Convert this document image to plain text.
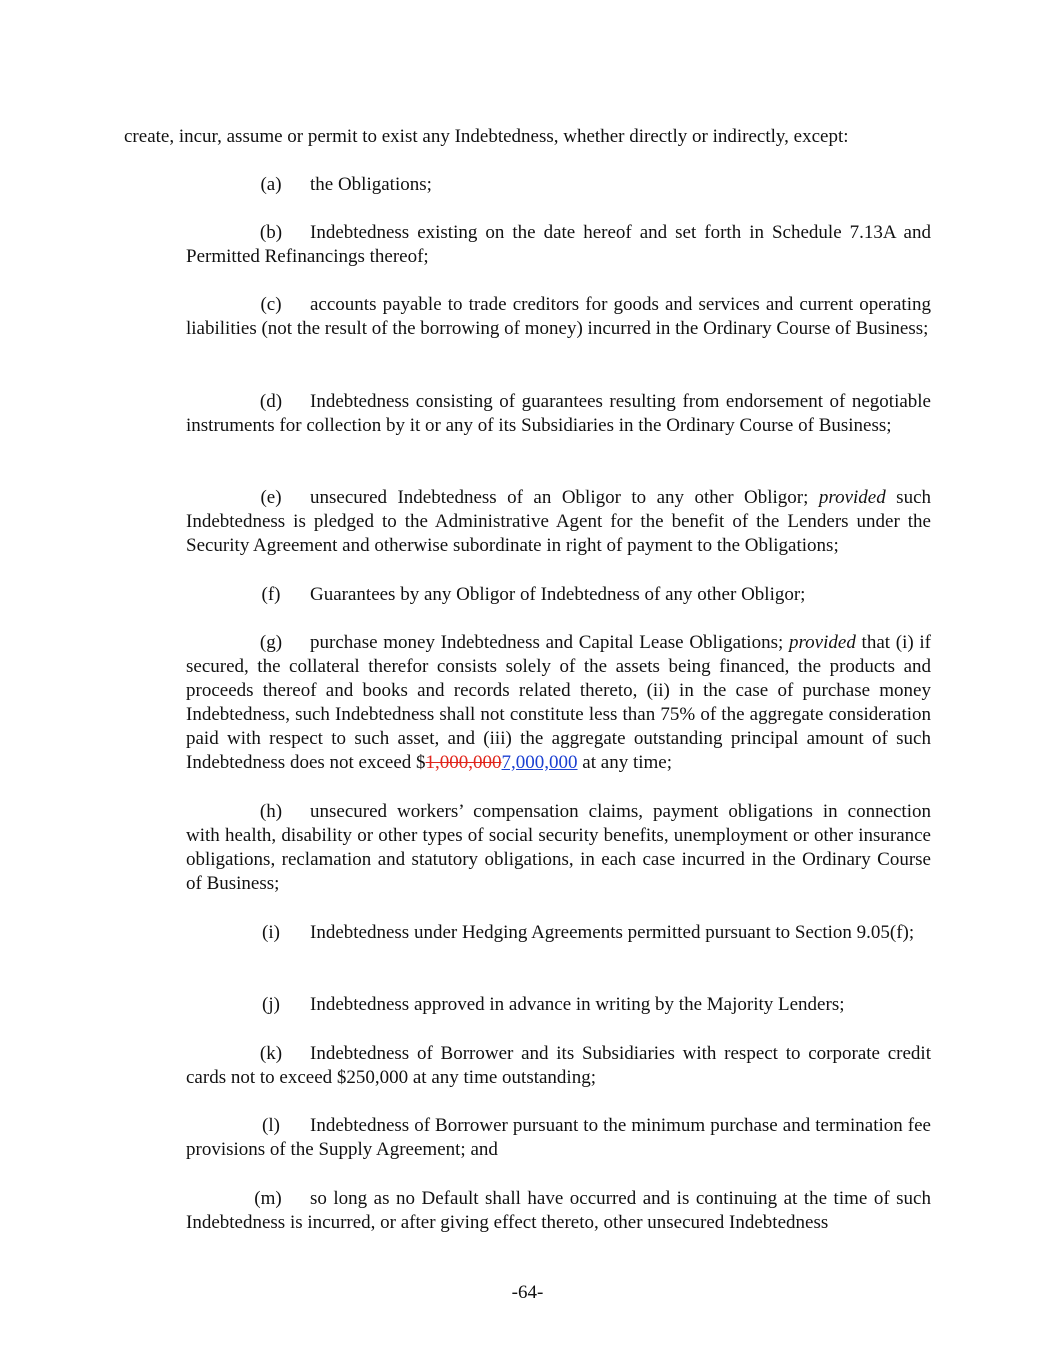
create, incur, assume or permit to exist any Indebtedness, whether directly or indirectly, except:
(a) the Obligations;
(b) Indebtedness existing on the date hereof and set forth in Schedule 7.13A and Permitted Refinancings thereof;
(c) accounts payable to trade creditors for goods and services and current operating liabilities (not the result of the borrowing of money) incurred in the Ordinary Course of Business;
(d) Indebtedness consisting of guarantees resulting from endorsement of negotiable instruments for collection by it or any of its Subsidiaries in the Ordinary Course of Business;
(e) unsecured Indebtedness of an Obligor to any other Obligor; provided such Indebtedness is pledged to the Administrative Agent for the benefit of the Lenders under the Security Agreement and otherwise subordinate in right of payment to the Obligations;
(f) Guarantees by any Obligor of Indebtedness of any other Obligor;
(g) purchase money Indebtedness and Capital Lease Obligations; provided that (i) if secured, the collateral therefor consists solely of the assets being financed, the products and proceeds thereof and books and records related thereto, (ii) in the case of purchase money Indebtedness, such Indebtedness shall not constitute less than 75% of the aggregate consideration paid with respect to such asset, and (iii) the aggregate outstanding principal amount of such Indebtedness does not exceed $1,000,0007,000,000 at any time;
(h) unsecured workers’ compensation claims, payment obligations in connection with health, disability or other types of social security benefits, unemployment or other insurance obligations, reclamation and statutory obligations, in each case incurred in the Ordinary Course of Business;
(i) Indebtedness under Hedging Agreements permitted pursuant to Section 9.05(f);
(j) Indebtedness approved in advance in writing by the Majority Lenders;
(k) Indebtedness of Borrower and its Subsidiaries with respect to corporate credit cards not to exceed $250,000 at any time outstanding;
(l) Indebtedness of Borrower pursuant to the minimum purchase and termination fee provisions of the Supply Agreement; and
(m) so long as no Default shall have occurred and is continuing at the time of such Indebtedness is incurred, or after giving effect thereto, other unsecured Indebtedness
-64-
